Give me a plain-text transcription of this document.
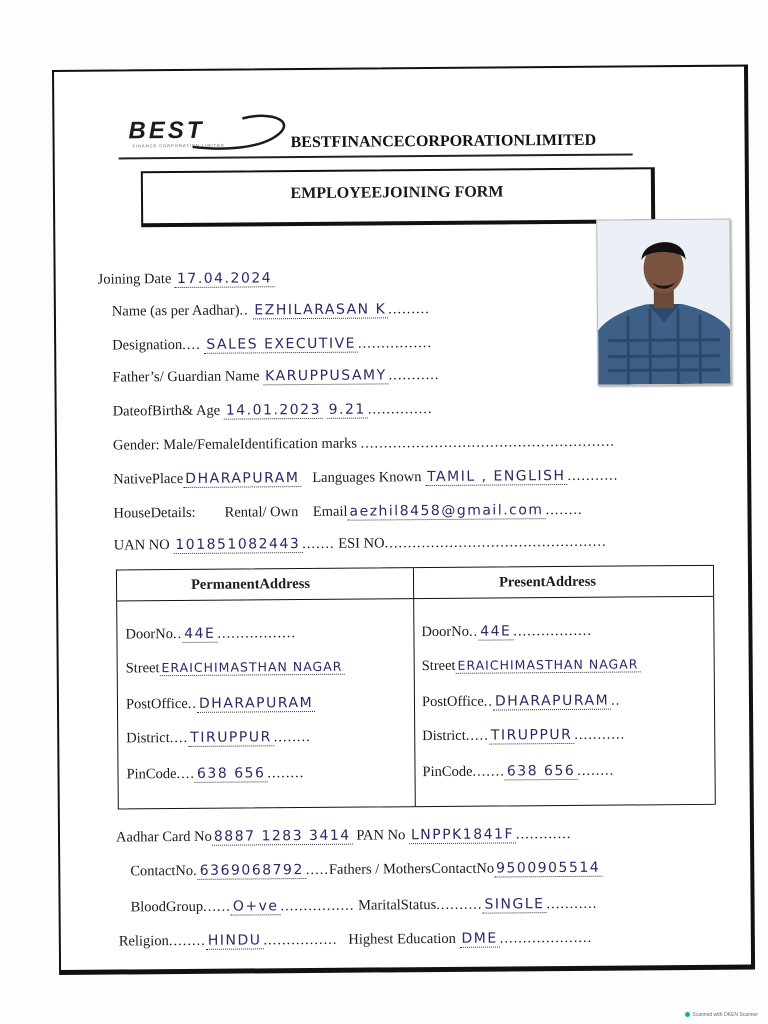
BEST
FINANCE CORPORATION LIMITED	BESTFINANCECORPORATIONLIMITED
EMPLOYEEJOINING FORM
Joining Date 17.04.2024
Name (as per Aadhar).. EZHILARASAN K .........
Designation.... SALES EXECUTIVE ................
Father’s/ Guardian Name KARUPPUSAMY ...........
DateofBirth& Age 14.01.2023 9.21 ..............
Gender: Male/FemaleIdentification marks .......................................................
NativePlace DHARAPURAM Languages Known TAMIL , ENGLISH ...........
HouseDetails: Rental/ Own Email aezhil8458@gmail.com ........
UAN NO 101851082443 ....... ESI NO................................................
PermanentAddress	PresentAddress
DoorNo.. 44E .................
Street ERAICHIMASTHAN NAGAR
PostOffice.. DHARAPURAM
District.... TIRUPPUR ........
PinCode.... 638 656 ........
DoorNo.. 44E .................
Street ERAICHIMASTHAN NAGAR
PostOffice.. DHARAPURAM ..
District..... TIRUPPUR ...........
PinCode....... 638 656 ........
Aadhar Card No 8887 1283 3414 PAN No LNPPK1841F ............
ContactNo. 6369068792 .....Fathers / MothersContactNo 9500905514
BloodGroup...... O+ve ................ MaritalStatus.......... SINGLE ...........
Religion........ HINDU ................ Highest Education DME ....................
Scanned with OKEN Scanner
